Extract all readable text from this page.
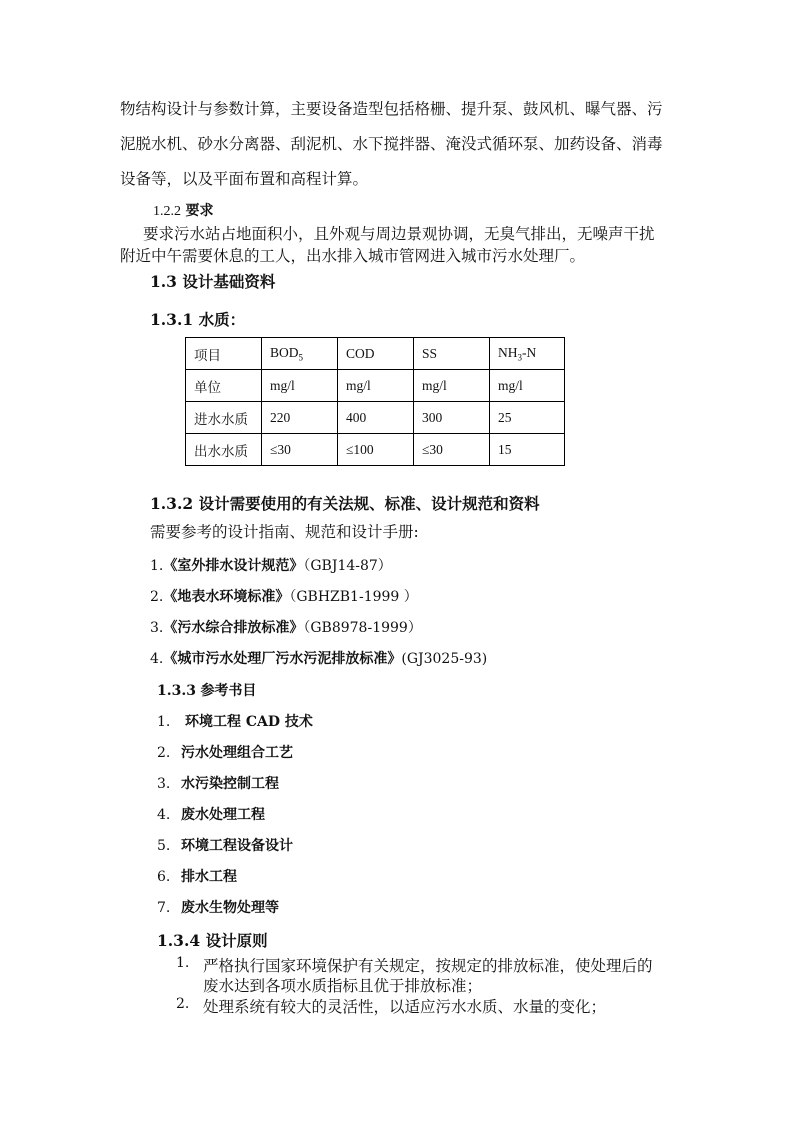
物结构设计与参数计算，主要设备造型包括格栅、提升泵、鼓风机、曝气器、污
泥脱水机、砂水分离器、刮泥机、水下搅拌器、淹没式循环泵、加药设备、消毒
设备等，以及平面布置和高程计算。
1.2.2 要求
要求污水站占地面积小，且外观与周边景观协调，无臭气排出，无噪声干扰
附近中午需要休息的工人，出水排入城市管网进入城市污水处理厂。
1.3 设计基础资料
1.3.1 水质：
项目	$BOD_5$	COD	SS	$NH_3-N$
单位	mg/l	mg/l	mg/l	mg/l
进水水质	220	400	300	25
出水水质	≤30	≤100	≤30	15
1.3.2 设计需要使用的有关法规、标准、设计规范和资料
需要参考的设计指南、规范和设计手册:
1.《室外排水设计规范》（GBJ14-87）
2.《地表水环境标准》（GBHZB1-1999 ）
3.《污水综合排放标准》（GB8978-1999）
4.《城市污水处理厂污水污泥排放标准》(GJ3025-93)
1.3.3 参考书目
1. 环境工程 CAD 技术
2. 污水处理组合工艺
3. 水污染控制工程
4. 废水处理工程
5. 环境工程设备设计
6. 排水工程
7. 废水生物处理等
1.3.4 设计原则
1. 严格执行国家环境保护有关规定，按规定的排放标准，使处理后的
废水达到各项水质指标且优于排放标准；
2. 处理系统有较大的灵活性，以适应污水水质、水量的变化；
